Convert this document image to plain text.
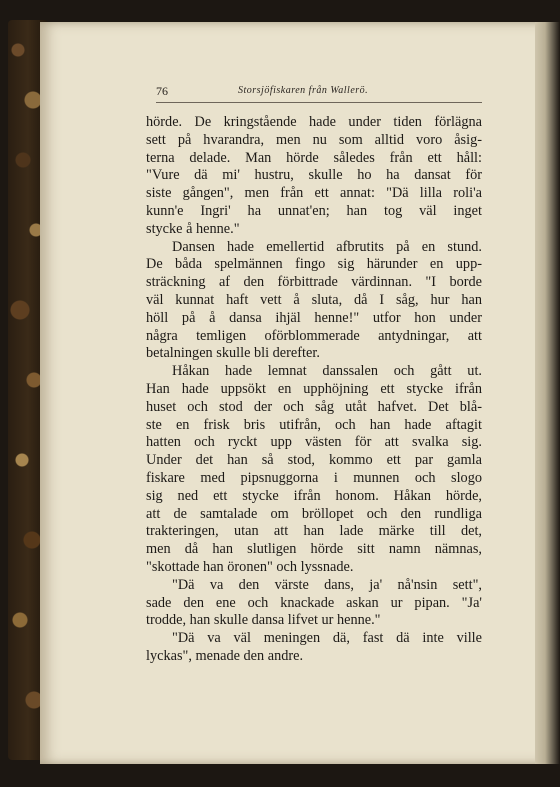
76	Storsjöfiskaren från Wallerö.
hörde. De kringstående hade under tiden förlägna
sett på hvarandra, men nu som alltid voro åsig-
terna delade. Man hörde således från ett håll:
"Vure dä mi' hustru, skulle ho ha dansat för
siste gången", men från ett annat: "Dä lilla roli'a
kunn'e Ingri' ha unnat'en; han tog väl inget
stycke å henne."
Dansen hade emellertid afbrutits på en stund.
De båda spelmännen fingo sig härunder en upp-
sträckning af den förbittrade värdinnan. "I borde
väl kunnat haft vett å sluta, då I såg, hur han
höll på å dansa ihjäl henne!" utfor hon under
några temligen oförblommerade antydningar, att
betalningen skulle bli derefter.
Håkan hade lemnat danssalen och gått ut.
Han hade uppsökt en upphöjning ett stycke ifrån
huset och stod der och såg utåt hafvet. Det blå-
ste en frisk bris utifrån, och han hade aftagit
hatten och ryckt upp västen för att svalka sig.
Under det han så stod, kommo ett par gamla
fiskare med pipsnuggorna i munnen och slogo
sig ned ett stycke ifrån honom. Håkan hörde,
att de samtalade om bröllopet och den rundliga
trakteringen, utan att han lade märke till det,
men då han slutligen hörde sitt namn nämnas,
"skottade han öronen" och lyssnade.
"Dä va den värste dans, ja' nå'nsin sett",
sade den ene och knackade askan ur pipan. "Ja'
trodde, han skulle dansa lifvet ur henne."
"Dä va väl meningen dä, fast dä inte ville
lyckas", menade den andre.
